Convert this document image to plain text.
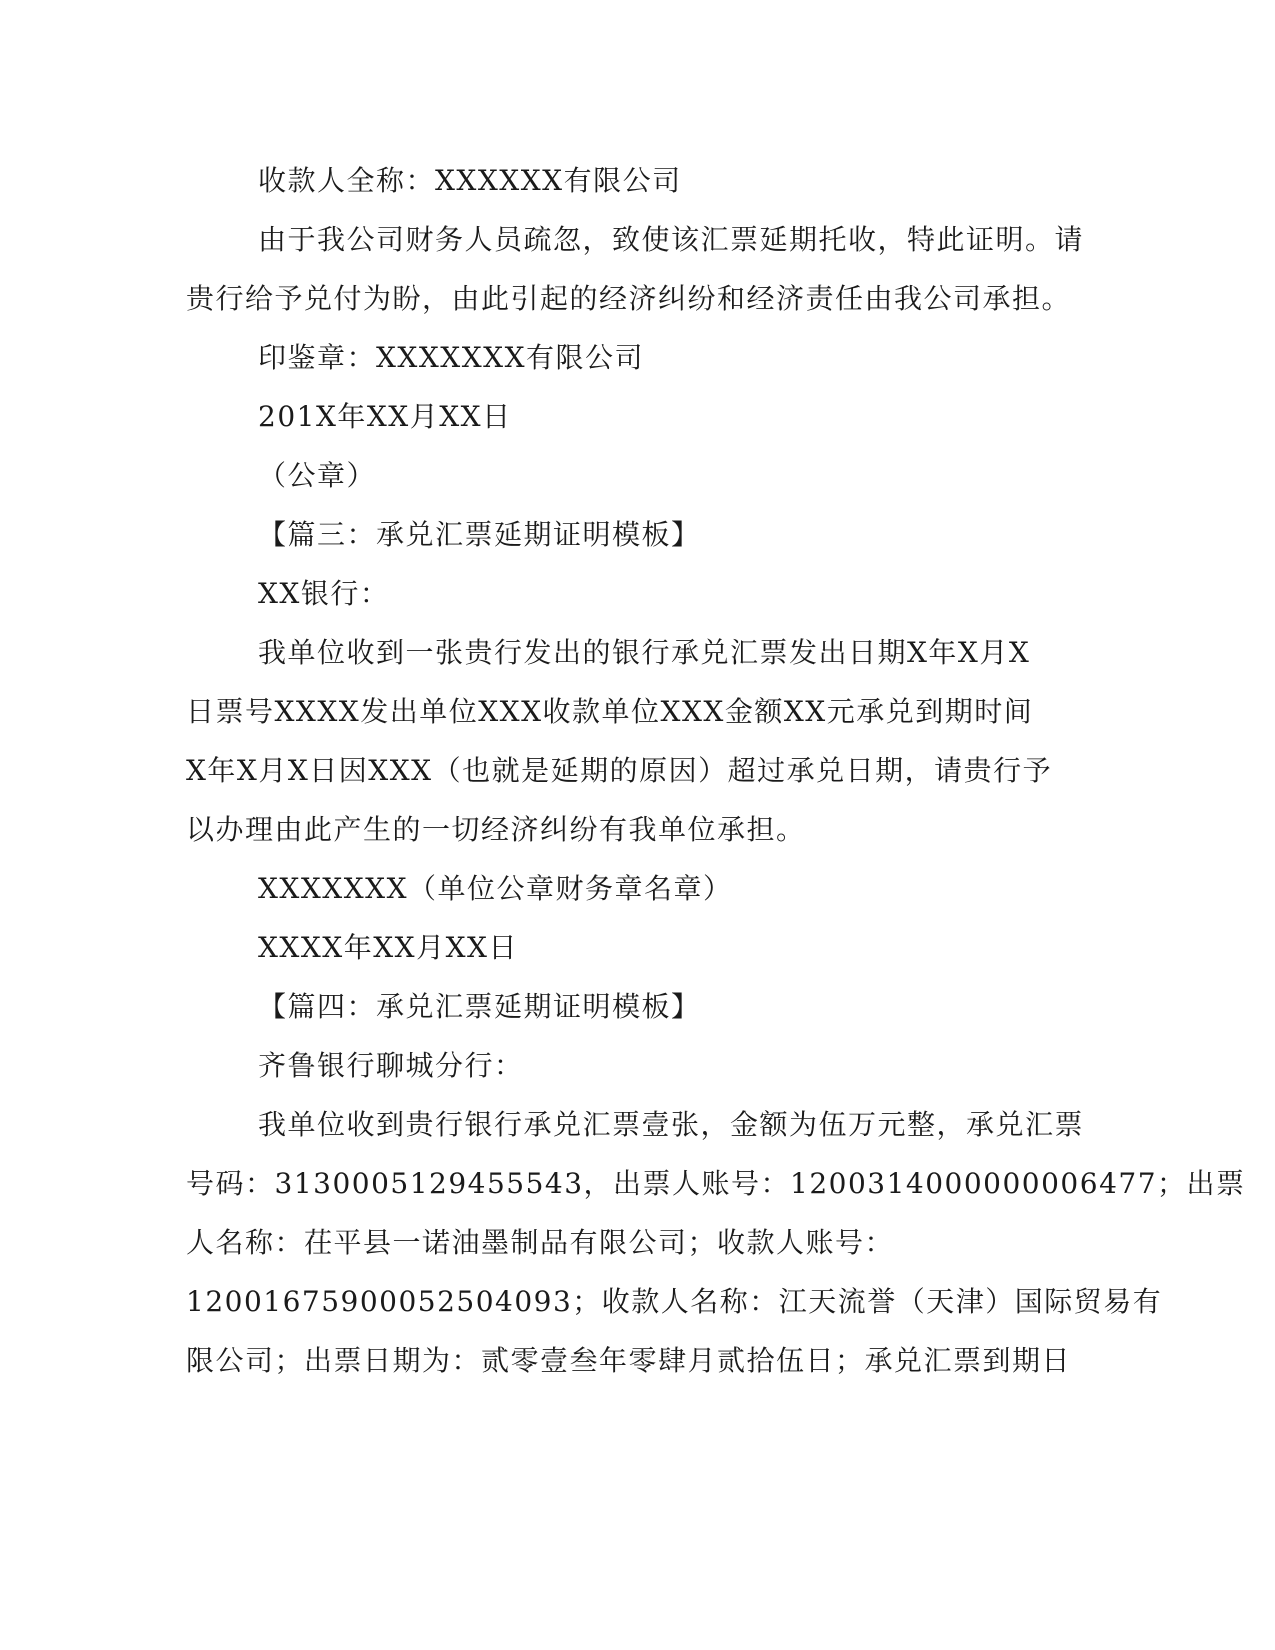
收款人全称：XXXXXX有限公司
由于我公司财务人员疏忽，致使该汇票延期托收，特此证明。请
贵行给予兑付为盼，由此引起的经济纠纷和经济责任由我公司承担。
印鉴章：XXXXXXX有限公司
201X年XX月XX日
（公章）
【篇三：承兑汇票延期证明模板】
XX银行：
我单位收到一张贵行发出的银行承兑汇票发出日期X年X月X
日票号XXXX发出单位XXX收款单位XXX金额XX元承兑到期时间
X年X月X日因XXX（也就是延期的原因）超过承兑日期，请贵行予
以办理由此产生的一切经济纠纷有我单位承担。
XXXXXXX（单位公章财务章名章）
XXXX年XX月XX日
【篇四：承兑汇票延期证明模板】
齐鲁银行聊城分行：
我单位收到贵行银行承兑汇票壹张，金额为伍万元整，承兑汇票
号码：3130005129455543，出票人账号：1200314000000006477；出票
人名称：茌平县一诺油墨制品有限公司；收款人账号：
12001675900052504093；收款人名称：江天流誉（天津）国际贸易有
限公司；出票日期为：贰零壹叁年零肆月贰拾伍日；承兑汇票到期日
